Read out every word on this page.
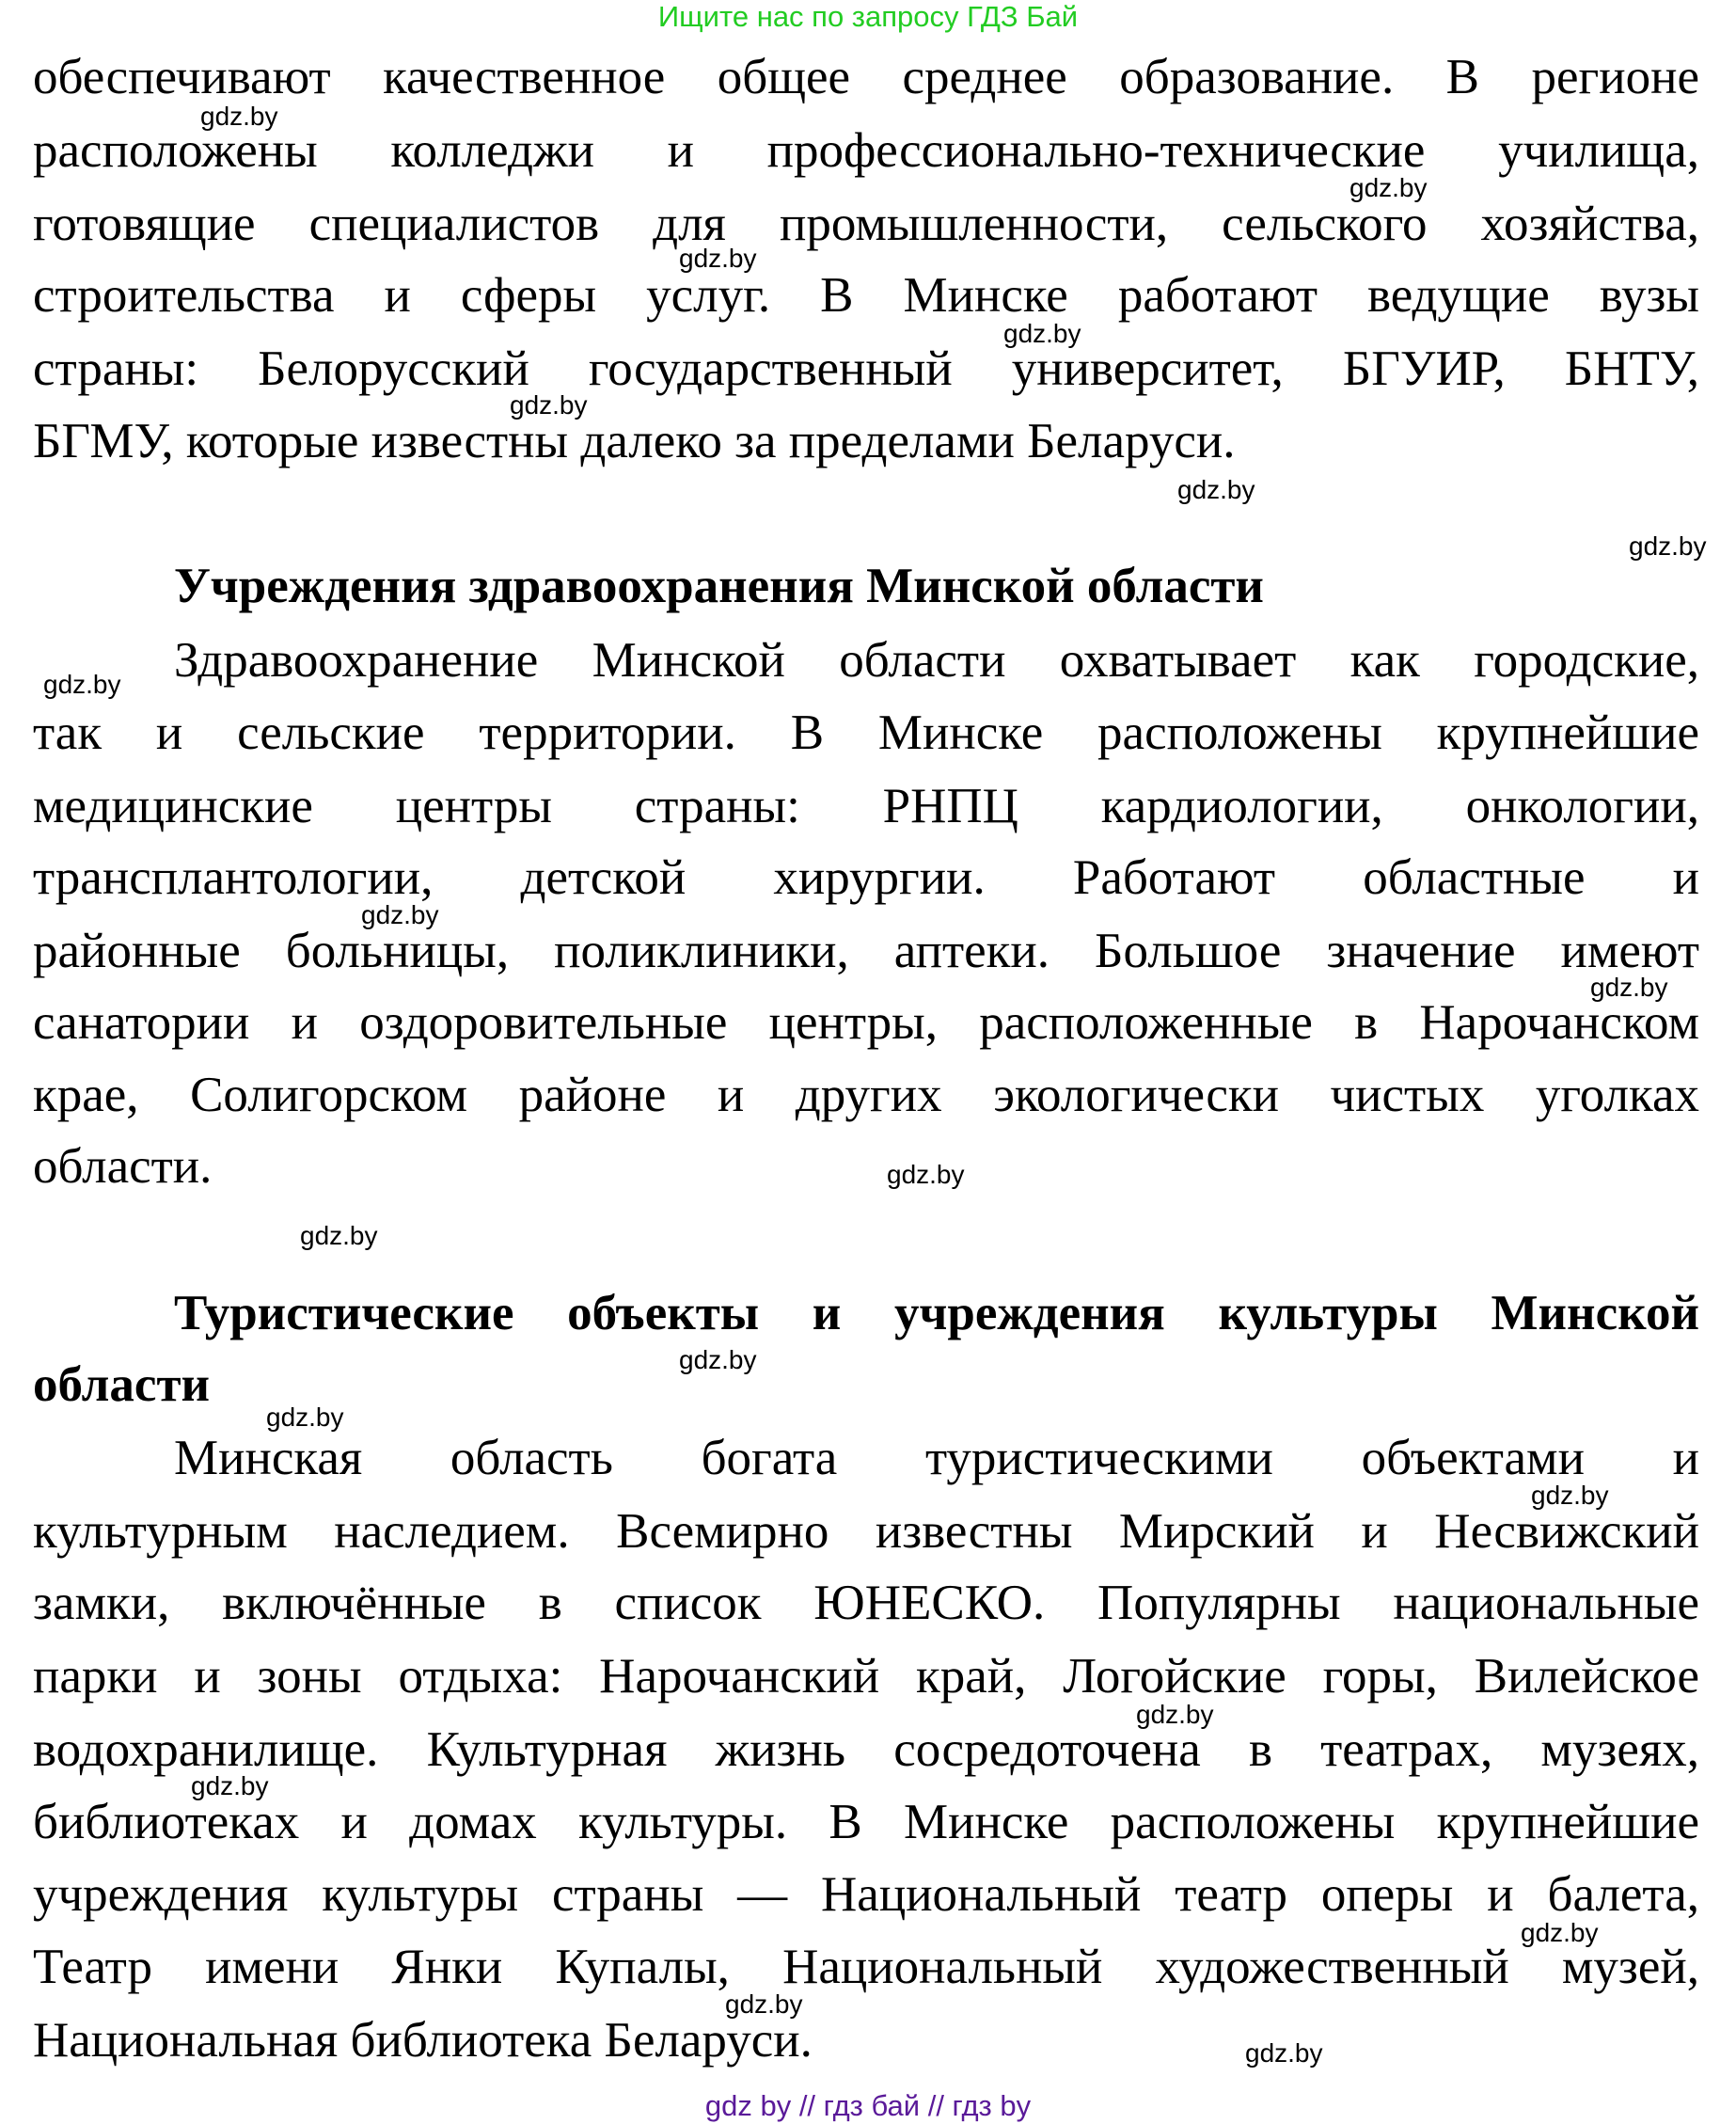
Ищите нас по запросу ГДЗ Бай
обеспечивают качественное общее среднее образование. В регионе
расположены колледжи и профессионально-технические училища,
готовящие специалистов для промышленности, сельского хозяйства,
строительства и сферы услуг. В Минске работают ведущие вузы
страны: Белорусский государственный университет, БГУИР, БНТУ,
БГМУ, которые известны далеко за пределами Беларуси.
Учреждения здравоохранения Минской области
Здравоохранение Минской области охватывает как городские,
так и сельские территории. В Минске расположены крупнейшие
медицинские центры страны: РНПЦ кардиологии, онкологии,
трансплантологии, детской хирургии. Работают областные и
районные больницы, поликлиники, аптеки. Большое значение имеют
санатории и оздоровительные центры, расположенные в Нарочанском
крае, Солигорском районе и других экологически чистых уголках
области.
Туристические объекты и учреждения культуры Минской
области
Минская область богата туристическими объектами и
культурным наследием. Всемирно известны Мирский и Несвижский
замки, включённые в список ЮНЕСКО. Популярны национальные
парки и зоны отдыха: Нарочанский край, Логойские горы, Вилейское
водохранилище. Культурная жизнь сосредоточена в театрах, музеях,
библиотеках и домах культуры. В Минске расположены крупнейшие
учреждения культуры страны — Национальный театр оперы и балета,
Театр имени Янки Купалы, Национальный художественный музей,
Национальная библиотека Беларуси.
gdz.by
gdz.by
gdz.by
gdz.by
gdz.by
gdz.by
gdz.by
gdz.by
gdz.by
gdz.by
gdz.by
gdz.by
gdz.by
gdz.by
gdz.by
gdz.by
gdz.by
gdz.by
gdz.by
gdz.by
gdz by // гдз бай // гдз by
